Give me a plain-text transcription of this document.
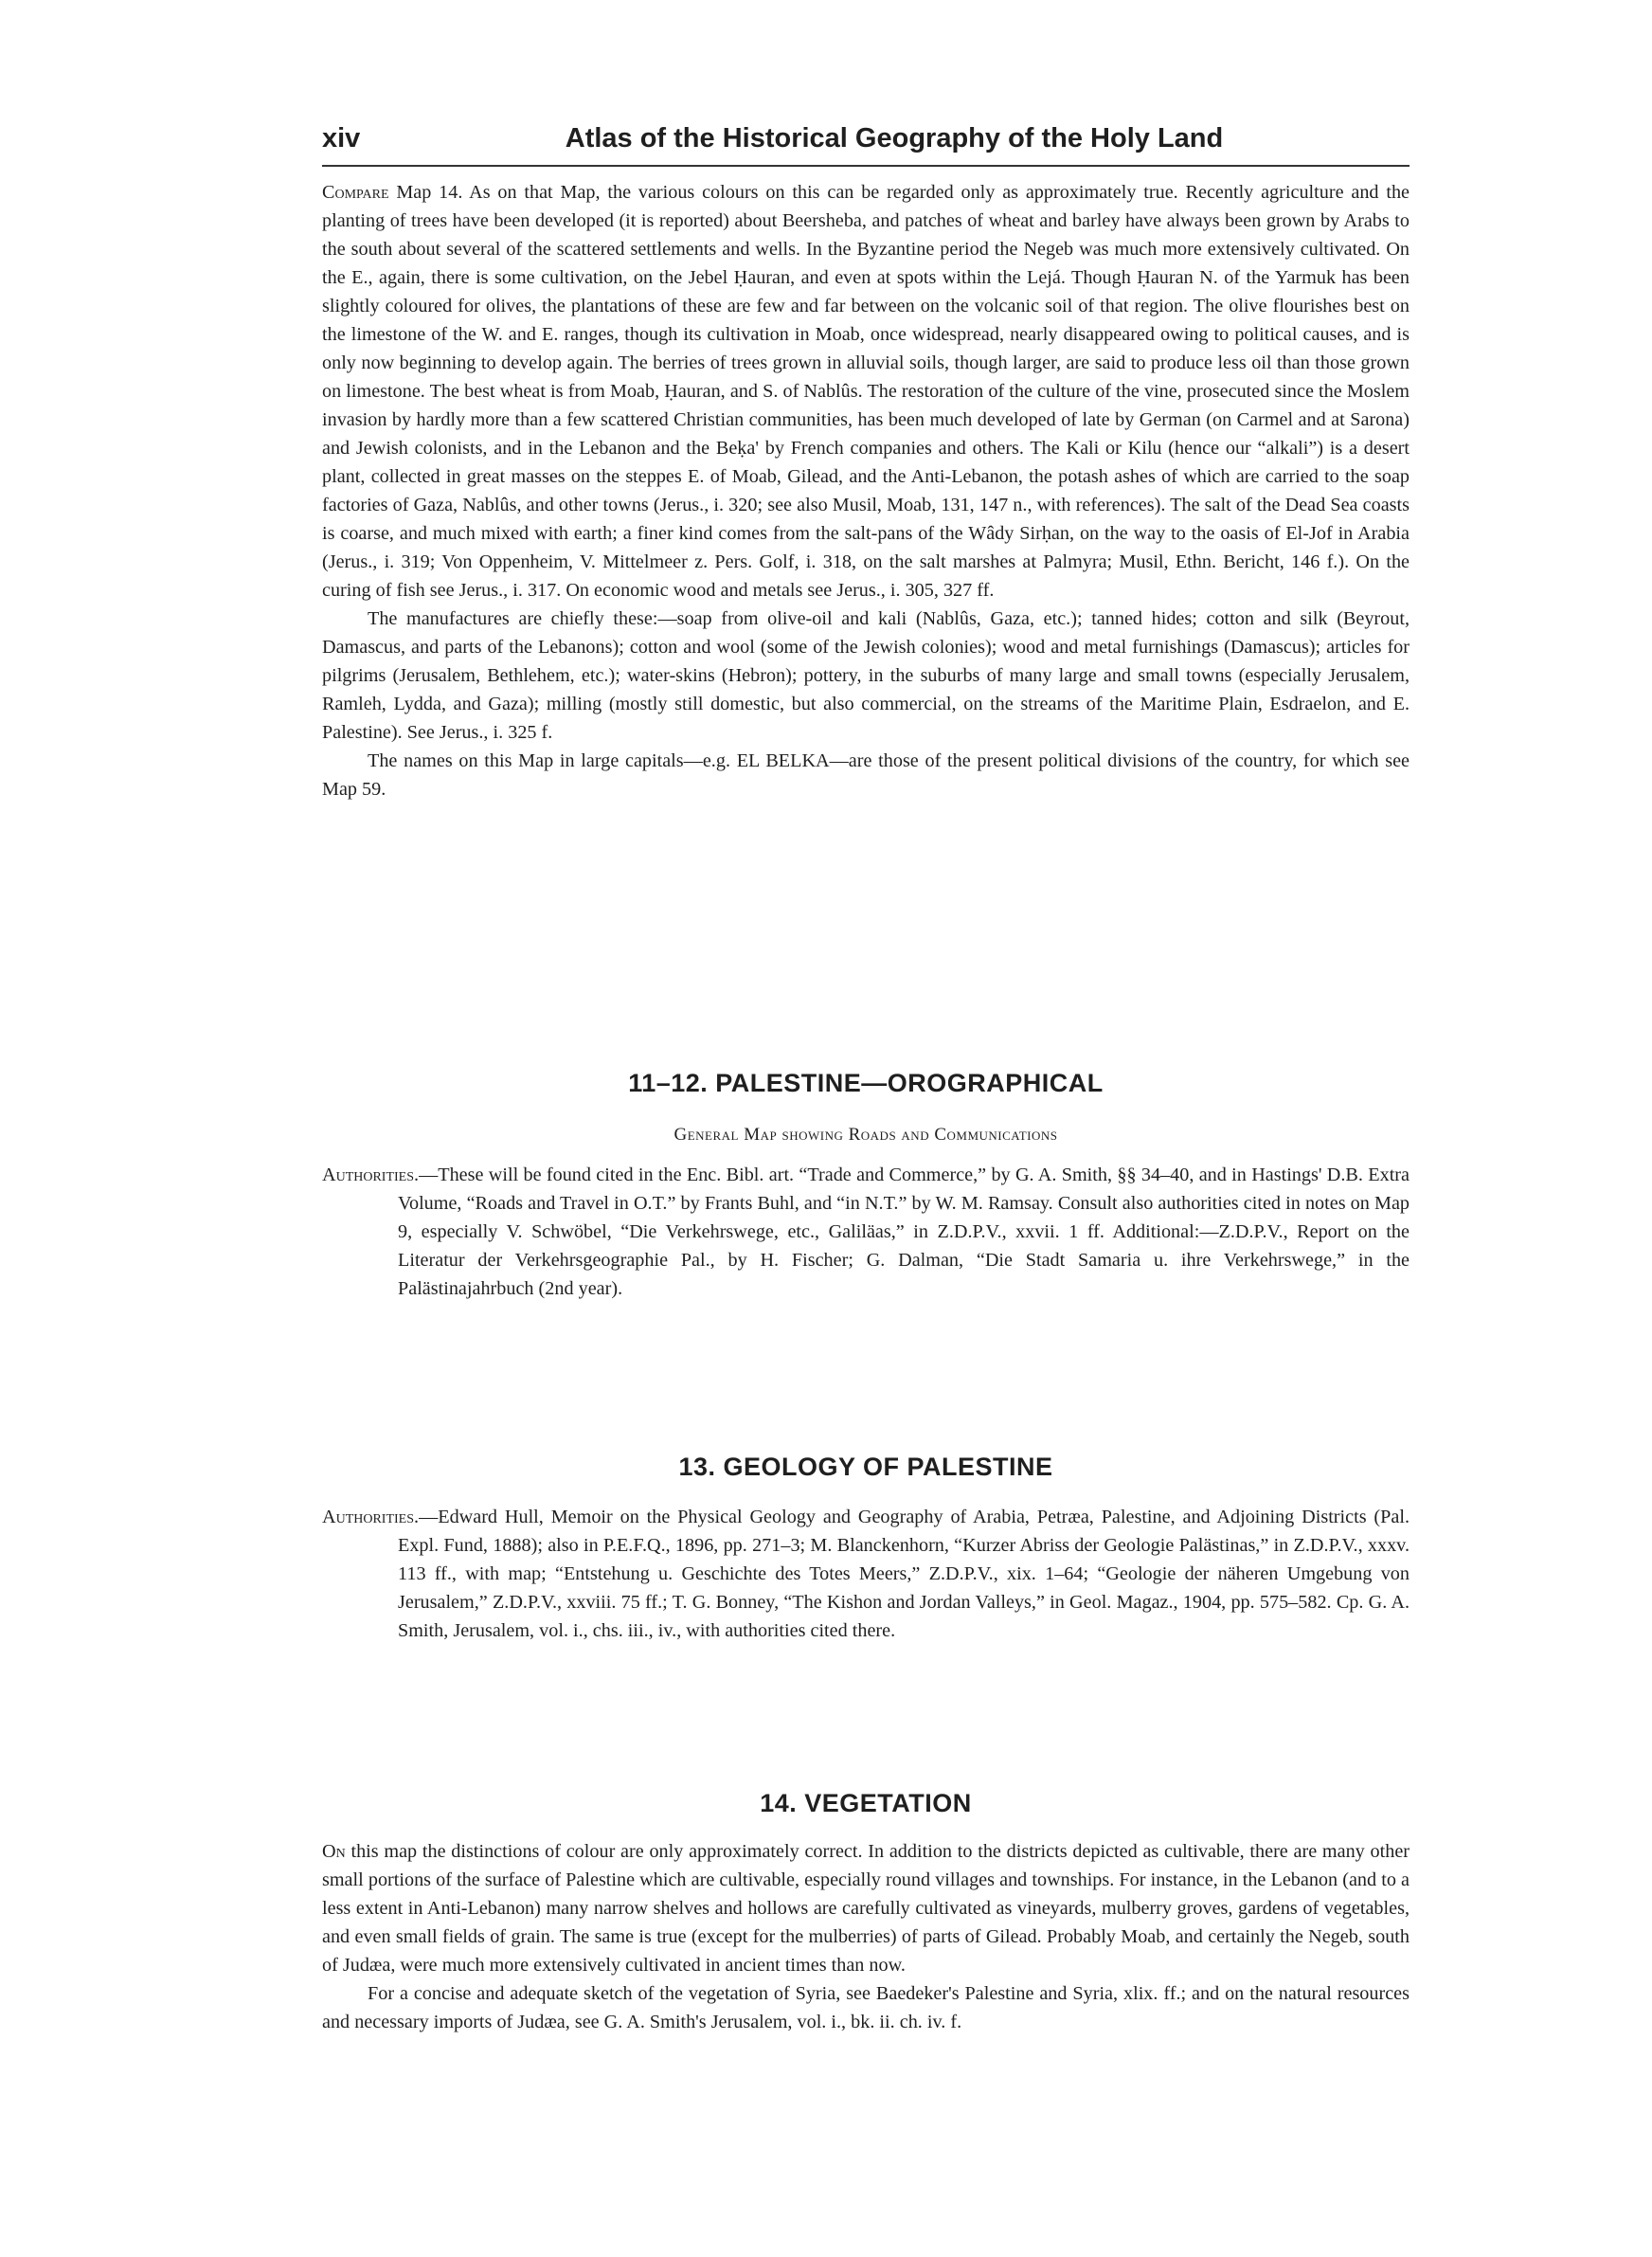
xiv	Atlas of the Historical Geography of the Holy Land

Compare Map 14. As on that Map, the various colours on this can be regarded only as approximately true. Recently agriculture and the planting of trees have been developed (it is reported) about Beersheba, and patches of wheat and barley have always been grown by Arabs to the south about several of the scattered settlements and wells. In the Byzantine period the Negeb was much more extensively cultivated. On the E., again, there is some cultivation, on the Jebel Ḥauran, and even at spots within the Lejá. Though Ḥauran N. of the Yarmuk has been slightly coloured for olives, the plantations of these are few and far between on the volcanic soil of that region. The olive flourishes best on the limestone of the W. and E. ranges, though its cultivation in Moab, once widespread, nearly disappeared owing to political causes, and is only now beginning to develop again. The berries of trees grown in alluvial soils, though larger, are said to produce less oil than those grown on limestone. The best wheat is from Moab, Ḥauran, and S. of Nablûs. The restoration of the culture of the vine, prosecuted since the Moslem invasion by hardly more than a few scattered Christian communities, has been much developed of late by German (on Carmel and at Sarona) and Jewish colonists, and in the Lebanon and the Beḳa' by French companies and others. The Kali or Kilu (hence our “alkali”) is a desert plant, collected in great masses on the steppes E. of Moab, Gilead, and the Anti-Lebanon, the potash ashes of which are carried to the soap factories of Gaza, Nablûs, and other towns (Jerus., i. 320; see also Musil, Moab, 131, 147 n., with references). The salt of the Dead Sea coasts is coarse, and much mixed with earth; a finer kind comes from the salt-pans of the Wâdy Sirḥan, on the way to the oasis of El-Jof in Arabia (Jerus., i. 319; Von Oppenheim, V. Mittelmeer z. Pers. Golf, i. 318, on the salt marshes at Palmyra; Musil, Ethn. Bericht, 146 f.). On the curing of fish see Jerus., i. 317. On economic wood and metals see Jerus., i. 305, 327 ff.

The manufactures are chiefly these:—soap from olive-oil and kali (Nablûs, Gaza, etc.); tanned hides; cotton and silk (Beyrout, Damascus, and parts of the Lebanons); cotton and wool (some of the Jewish colonies); wood and metal furnishings (Damascus); articles for pilgrims (Jerusalem, Bethlehem, etc.); water-skins (Hebron); pottery, in the suburbs of many large and small towns (especially Jerusalem, Ramleh, Lydda, and Gaza); milling (mostly still domestic, but also commercial, on the streams of the Maritime Plain, Esdraelon, and E. Palestine). See Jerus., i. 325 f.

The names on this Map in large capitals—e.g. EL BELKA—are those of the present political divisions of the country, for which see Map 59.

11–12. PALESTINE—OROGRAPHICAL
General Map showing Roads and Communications
Authorities.—These will be found cited in the Enc. Bibl. art. “Trade and Commerce,” by G. A. Smith, §§ 34–40, and in Hastings' D.B. Extra Volume, “Roads and Travel in O.T.” by Frants Buhl, and “in N.T.” by W. M. Ramsay. Consult also authorities cited in notes on Map 9, especially V. Schwöbel, “Die Verkehrswege, etc., Galiläas,” in Z.D.P.V., xxvii. 1 ff. Additional:—Z.D.P.V., Report on the Literatur der Verkehrsgeographie Pal., by H. Fischer; G. Dalman, “Die Stadt Samaria u. ihre Verkehrswege,” in the Palästinajahrbuch (2nd year).
13. GEOLOGY OF PALESTINE
Authorities.—Edward Hull, Memoir on the Physical Geology and Geography of Arabia, Petræa, Palestine, and Adjoining Districts (Pal. Expl. Fund, 1888); also in P.E.F.Q., 1896, pp. 271–3; M. Blanckenhorn, “Kurzer Abriss der Geologie Palästinas,” in Z.D.P.V., xxxv. 113 ff., with map; “Entstehung u. Geschichte des Totes Meers,” Z.D.P.V., xix. 1–64; “Geologie der näheren Umgebung von Jerusalem,” Z.D.P.V., xxviii. 75 ff.; T. G. Bonney, “The Kishon and Jordan Valleys,” in Geol. Magaz., 1904, pp. 575–582. Cp. G. A. Smith, Jerusalem, vol. i., chs. iii., iv., with authorities cited there.
14. VEGETATION

On this map the distinctions of colour are only approximately correct. In addition to the districts depicted as cultivable, there are many other small portions of the surface of Palestine which are cultivable, especially round villages and townships. For instance, in the Lebanon (and to a less extent in Anti-Lebanon) many narrow shelves and hollows are carefully cultivated as vineyards, mulberry groves, gardens of vegetables, and even small fields of grain. The same is true (except for the mulberries) of parts of Gilead. Probably Moab, and certainly the Negeb, south of Judæa, were much more extensively cultivated in ancient times than now.

For a concise and adequate sketch of the vegetation of Syria, see Baedeker's Palestine and Syria, xlix. ff.; and on the natural resources and necessary imports of Judæa, see G. A. Smith's Jerusalem, vol. i., bk. ii. ch. iv. f.
